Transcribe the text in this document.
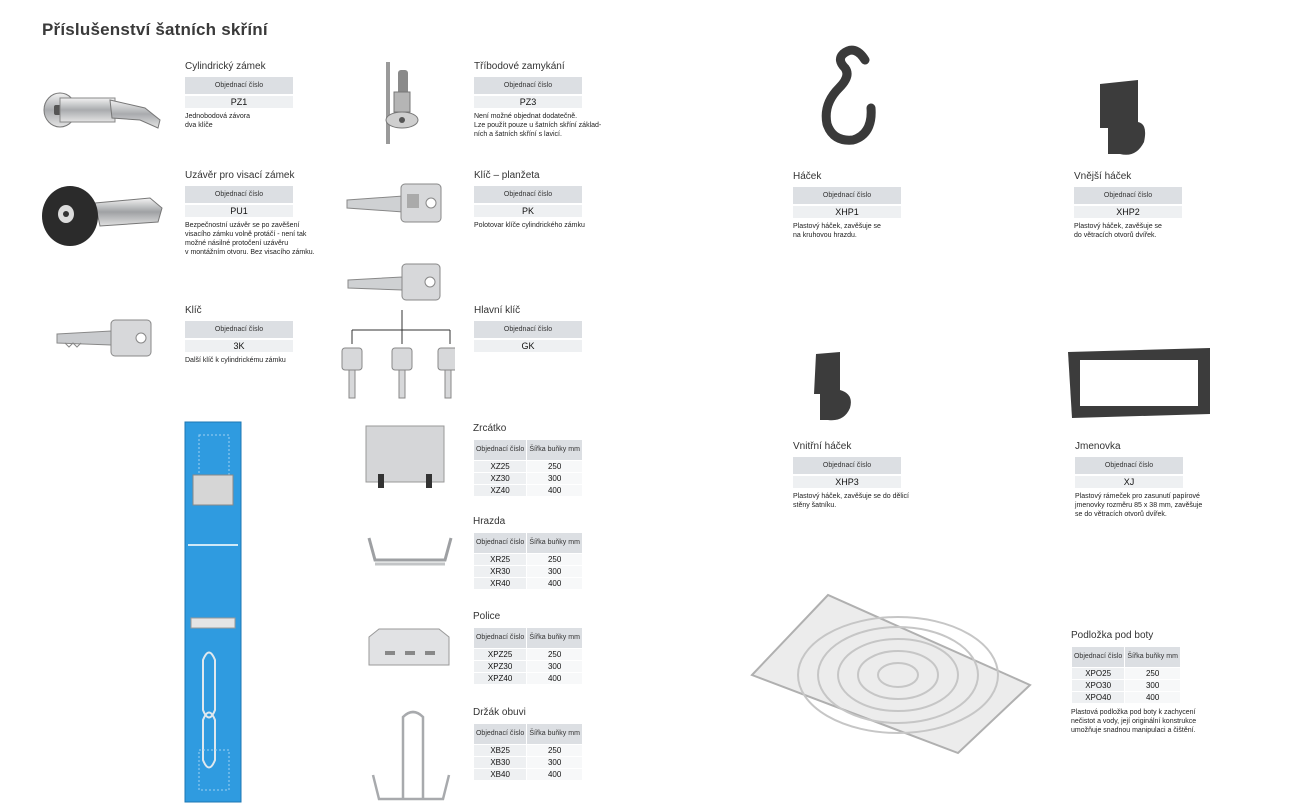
Příslušenství šatních skříní
Cylindrický zámek
Objednací číslo
PZ1
Jednobodová závora
dva klíče
Tříbodové zamykání
Objednací číslo
PZ3
Není možné objednat dodatečně.
Lze použít pouze u šatních skříní základ-
ních a šatních skříní s lavicí.
Uzávěr pro visací zámek
Objednací číslo
PU1
Bezpečnostní uzávěr se po zavěšení
visacího zámku volně protáčí - není tak
možné násilné protočení uzávěru
v montážním otvoru. Bez visacího zámku.
Klíč – planžeta
Objednací číslo
PK
Polotovar klíče cylindrického zámku
Klíč
Objednací číslo
3K
Další klíč k cylindrickému zámku
Hlavní klíč
Objednací číslo
GK
Háček
Objednací číslo
XHP1
Plastový háček, zavěšuje se
na kruhovou hrazdu.
Vnější háček
Objednací číslo
XHP2
Plastový háček, zavěšuje se
do větracích otvorů dvířek.
Vnitřní háček
Objednací číslo
XHP3
Plastový háček, zavěšuje se do dělicí
stěny šatníku.
Jmenovka
Objednací číslo
XJ
Plastový rámeček pro zasunutí papírové
jmenovky rozměru 85 x 38 mm, zavěšuje
se do větracích otvorů dvířek.
Zrcátko
Objednací číslo	Šířka buňky mm
XZ25	250
XZ30	300
XZ40	400
Hrazda
Objednací číslo	Šířka buňky mm
XR25	250
XR30	300
XR40	400
Police
Objednací číslo	Šířka buňky mm
XPZ25	250
XPZ30	300
XPZ40	400
Držák obuvi
Objednací číslo	Šířka buňky mm
XB25	250
XB30	300
XB40	400
Podložka pod boty
Objednací číslo	Šířka buňky mm
XPO25	250
XPO30	300
XPO40	400
Plastová podložka pod boty k zachycení
nečistot a vody, její originální konstrukce
umožňuje snadnou manipulaci a čištění.
